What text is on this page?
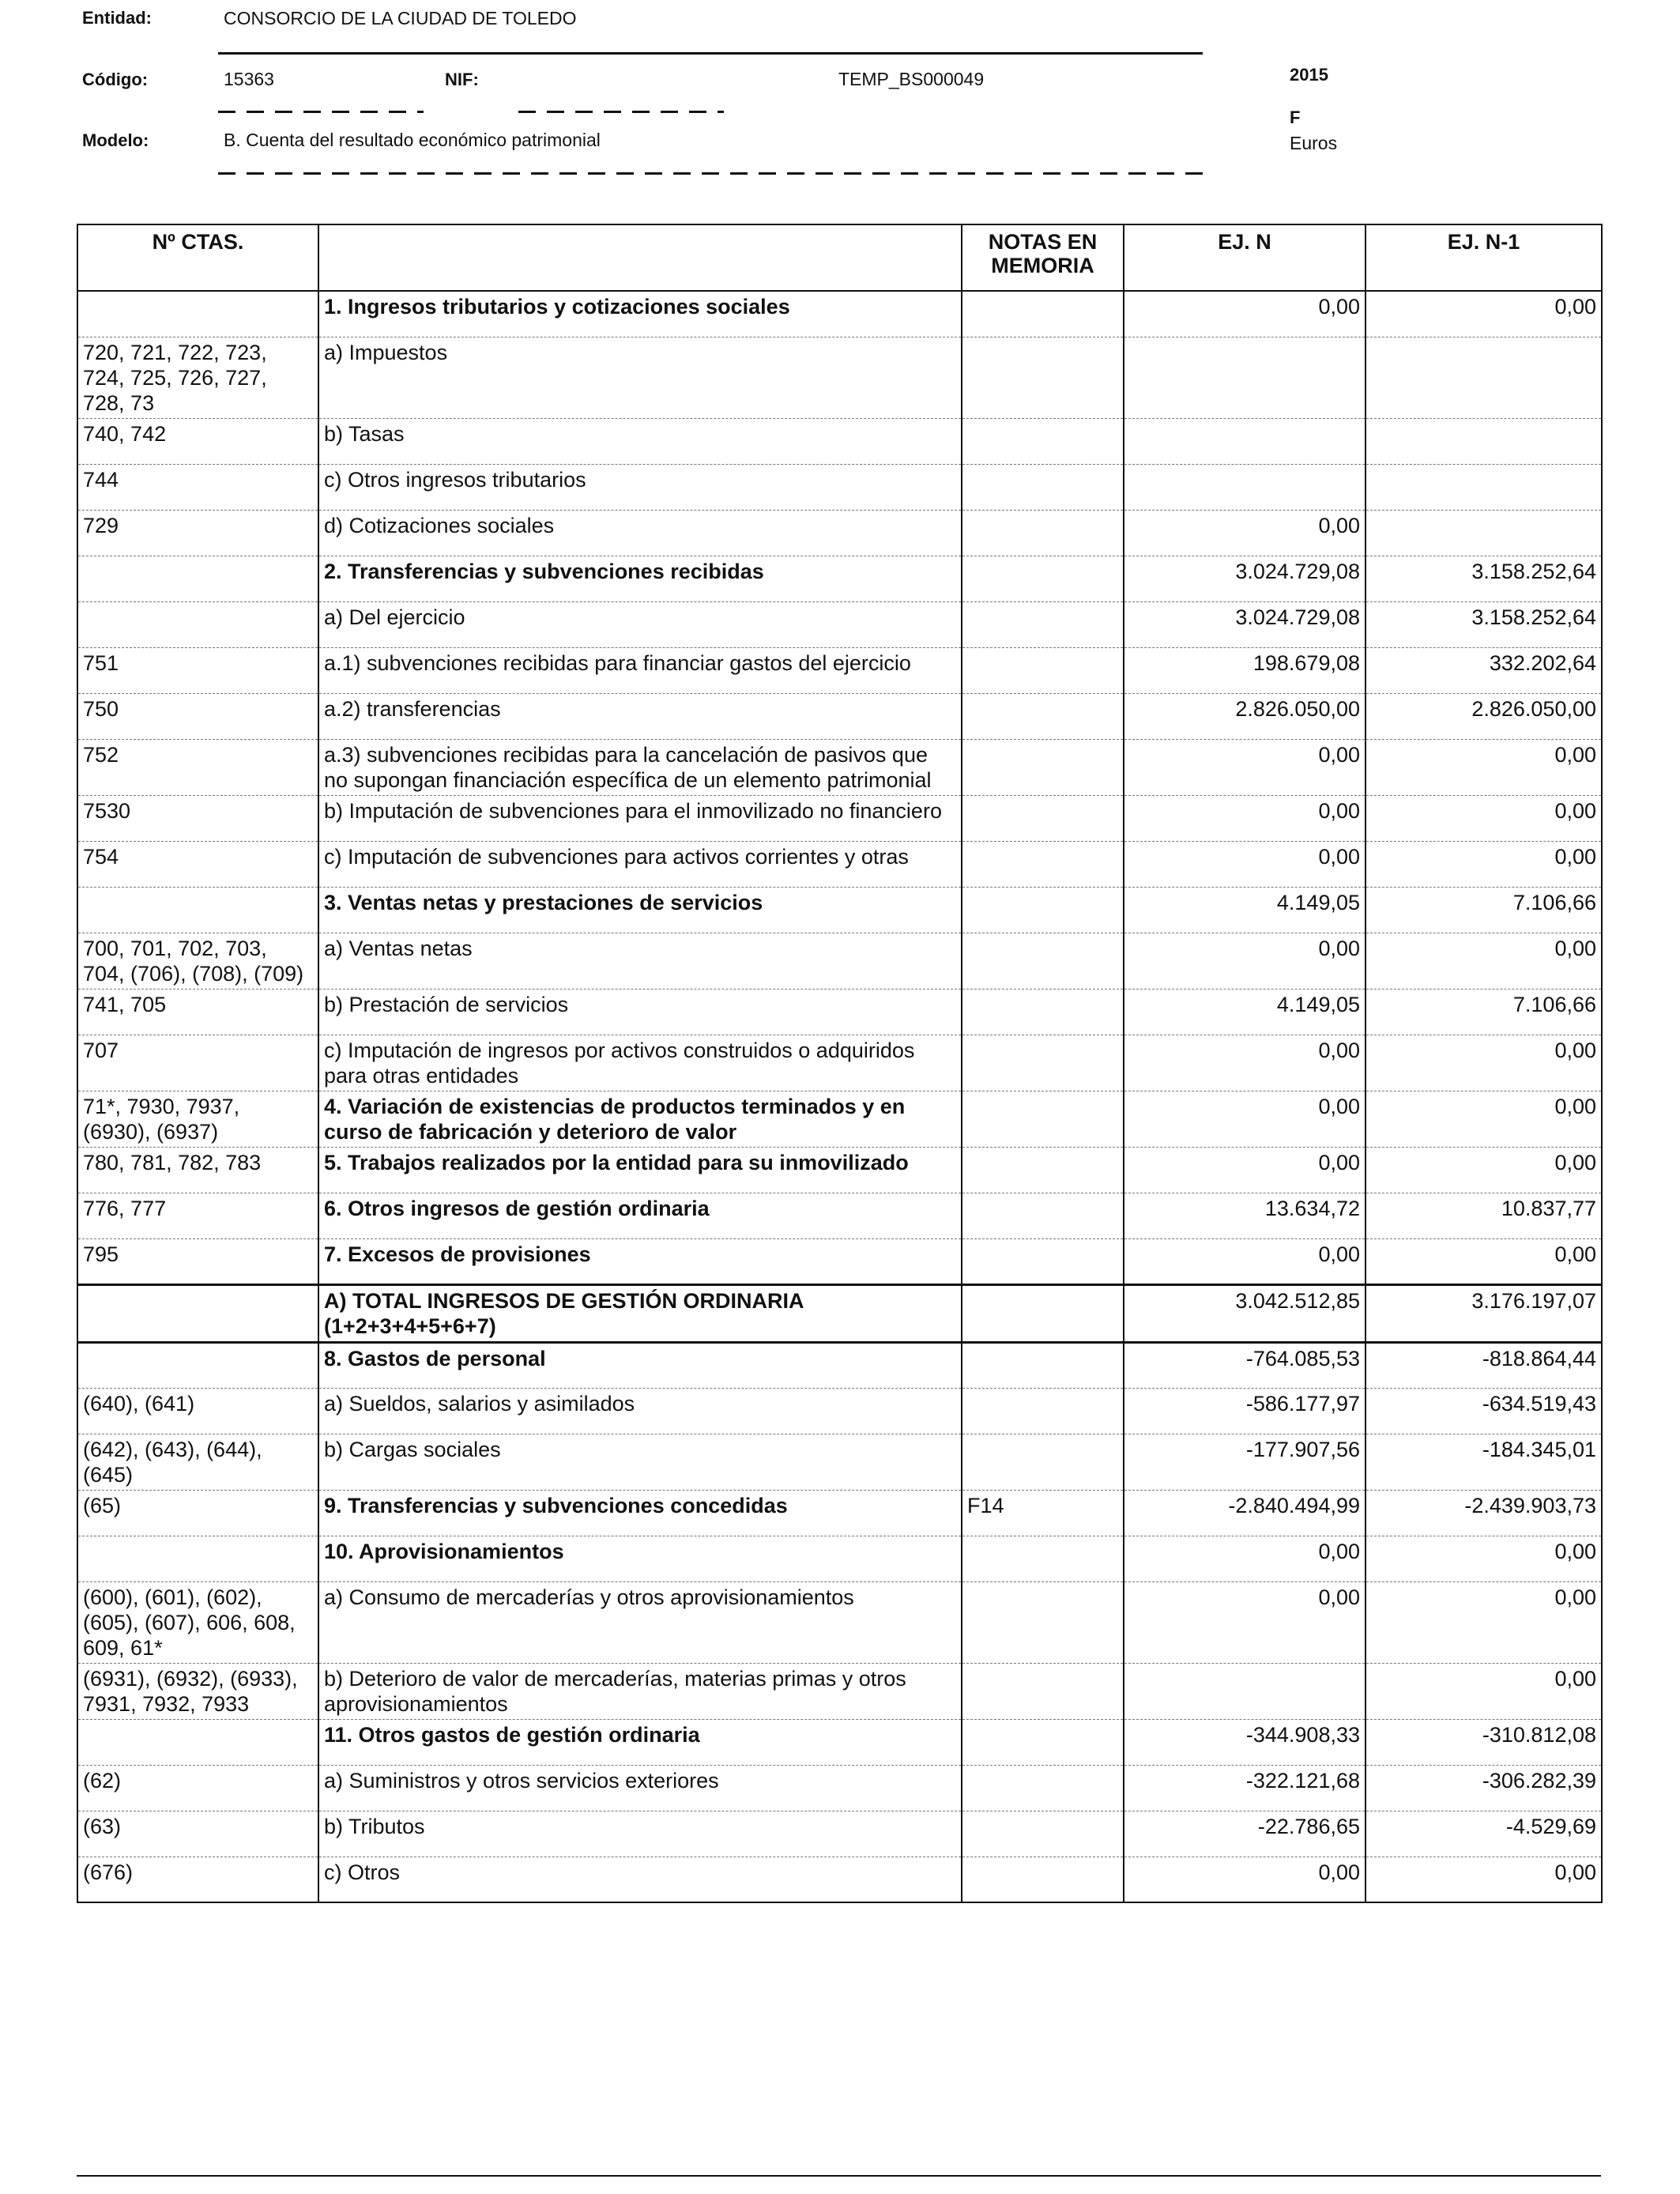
Entidad:	CONSORCIO DE LA CIUDAD DE TOLEDO
Código:	15363	NIF:	TEMP_BS000049	2015
F
Modelo:	B. Cuenta del resultado económico patrimonial	Euros
Nº CTAS.		NOTAS EN MEMORIA	EJ. N	EJ. N-1
	1. Ingresos tributarios y cotizaciones sociales		0,00	0,00
720, 721, 722, 723, 724, 725, 726, 727, 728, 73	a) Impuestos			
740, 742	b) Tasas			
744	c) Otros ingresos tributarios			
729	d) Cotizaciones sociales		0,00	
	2. Transferencias y subvenciones recibidas		3.024.729,08	3.158.252,64
	a) Del ejercicio		3.024.729,08	3.158.252,64
751	a.1) subvenciones recibidas para financiar gastos del ejercicio		198.679,08	332.202,64
750	a.2) transferencias		2.826.050,00	2.826.050,00
752	a.3) subvenciones recibidas para la cancelación de pasivos que no supongan financiación específica de un elemento patrimonial		0,00	0,00
7530	b) Imputación de subvenciones para el inmovilizado no financiero		0,00	0,00
754	c) Imputación de subvenciones para activos corrientes y otras		0,00	0,00
	3. Ventas netas y prestaciones de servicios		4.149,05	7.106,66
700, 701, 702, 703, 704, (706), (708), (709)	a) Ventas netas		0,00	0,00
741, 705	b) Prestación de servicios		4.149,05	7.106,66
707	c) Imputación de ingresos por activos construidos o adquiridos para otras entidades		0,00	0,00
71*, 7930, 7937, (6930), (6937)	4. Variación de existencias de productos terminados y en curso de fabricación y deterioro de valor		0,00	0,00
780, 781, 782, 783	5. Trabajos realizados por la entidad para su inmovilizado		0,00	0,00
776, 777	6. Otros ingresos de gestión ordinaria		13.634,72	10.837,77
795	7. Excesos de provisiones		0,00	0,00
	A) TOTAL INGRESOS DE GESTIÓN ORDINARIA (1+2+3+4+5+6+7)		3.042.512,85	3.176.197,07
	8. Gastos de personal		-764.085,53	-818.864,44
(640), (641)	a) Sueldos, salarios y asimilados		-586.177,97	-634.519,43
(642), (643), (644), (645)	b) Cargas sociales		-177.907,56	-184.345,01
(65)	9. Transferencias y subvenciones concedidas	F14	-2.840.494,99	-2.439.903,73
	10. Aprovisionamientos		0,00	0,00
(600), (601), (602), (605), (607), 606, 608, 609, 61*	a) Consumo de mercaderías y otros aprovisionamientos		0,00	0,00
(6931), (6932), (6933), 7931, 7932, 7933	b) Deterioro de valor de mercaderías, materias primas y otros aprovisionamientos			0,00
	11. Otros gastos de gestión ordinaria		-344.908,33	-310.812,08
(62)	a) Suministros y otros servicios exteriores		-322.121,68	-306.282,39
(63)	b) Tributos		-22.786,65	-4.529,69
(676)	c) Otros		0,00	0,00
